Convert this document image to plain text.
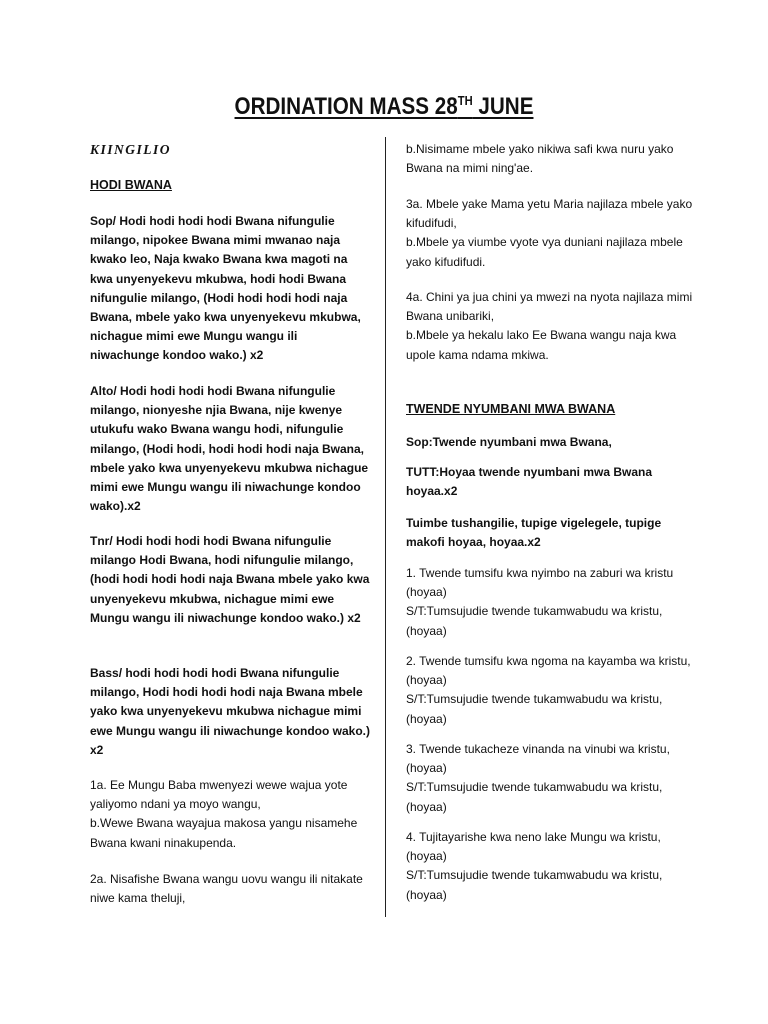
ORDINATION MASS 28TH JUNE

KIINGILIO

HODI BWANA

Sop/ Hodi hodi hodi hodi Bwana nifungulie milango, nipokee Bwana mimi mwanao naja kwako leo, Naja kwako Bwana kwa magoti na kwa unyenyekevu mkubwa, hodi hodi Bwana nifungulie milango, (Hodi hodi hodi hodi naja Bwana, mbele yako kwa unyenyekevu mkubwa, nichague mimi ewe Mungu wangu ili niwachunge kondoo wako.) x2

Alto/ Hodi hodi hodi hodi Bwana nifungulie milango, nionyeshe njia Bwana, nije kwenye utukufu wako Bwana wangu hodi, nifungulie milango, (Hodi hodi, hodi hodi hodi naja Bwana, mbele yako kwa unyenyekevu mkubwa nichague mimi ewe Mungu wangu ili niwachunge kondoo wako).x2

Tnr/ Hodi hodi hodi hodi Bwana nifungulie milango Hodi Bwana, hodi nifungulie milango,(hodi hodi hodi hodi naja Bwana mbele yako kwa unyenyekevu mkubwa, nichague mimi ewe Mungu wangu ili niwachunge kondoo wako.) x2

Bass/ hodi hodi hodi hodi Bwana nifungulie milango, Hodi hodi hodi hodi naja Bwana mbele yako kwa unyenyekevu mkubwa nichague mimi ewe Mungu wangu ili niwachunge kondoo wako.) x2

1a. Ee Mungu Baba mwenyezi wewe wajua yote yaliyomo ndani ya moyo wangu,
b.Wewe Bwana wayajua makosa yangu nisamehe Bwana kwani ninakupenda.

2a. Nisafishe Bwana wangu uovu wangu ili nitakate niwe kama theluji,

b.Nisimame mbele yako nikiwa safi kwa nuru yako Bwana na mimi ning'ae.

3a. Mbele yake Mama yetu Maria najilaza mbele yako kifudifudi,
b.Mbele ya viumbe vyote vya duniani najilaza mbele yako kifudifudi.

4a. Chini ya jua chini ya mwezi na nyota najilaza mimi Bwana unibariki,
b.Mbele ya hekalu lako Ee Bwana wangu naja kwa upole kama ndama mkiwa.

TWENDE NYUMBANI MWA BWANA

Sop:Twende nyumbani mwa Bwana,

TUTT:Hoyaa twende nyumbani mwa Bwana hoyaa.x2

Tuimbe tushangilie, tupige vigelegele, tupige makofi hoyaa, hoyaa.x2

1. Twende tumsifu kwa nyimbo na zaburi wa kristu (hoyaa)
S/T:Tumsujudie twende tukamwabudu wa kristu,(hoyaa)

2. Twende tumsifu kwa ngoma na kayamba wa kristu,(hoyaa)
S/T:Tumsujudie twende tukamwabudu wa kristu,(hoyaa)

3. Twende tukacheze vinanda na vinubi wa kristu,(hoyaa)
S/T:Tumsujudie twende tukamwabudu wa kristu,(hoyaa)

4. Tujitayarishe kwa neno lake Mungu wa kristu,(hoyaa)
S/T:Tumsujudie twende tukamwabudu wa kristu,(hoyaa)
